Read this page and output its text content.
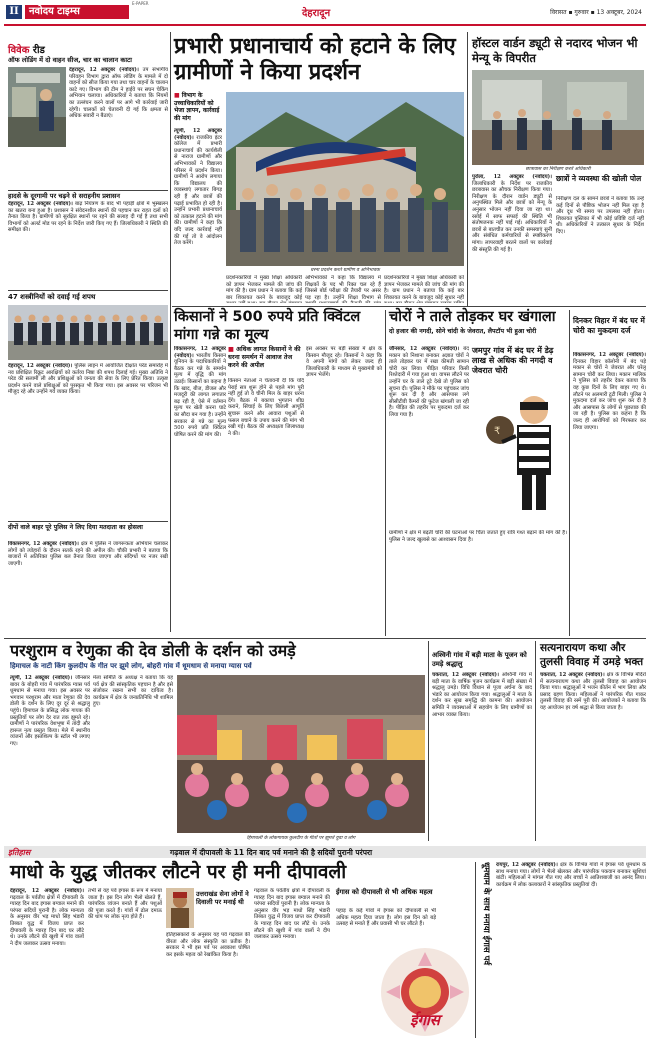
II	नवोदय टाइम्स
E-PAPER
देहरादून	विरासत ▪ गुरुवार ▪ 13 अक्टूबर, 2024
विवेक रीड
ऑफ लोडिंग में दो वाहन सीज, चार का चालान काटा
देहरादून, 12 अक्टूबर (नवोदय)। उप संभागीय परिवहन विभाग द्वारा ऑफ लोडिंग के मामले में दो वाहनों को सीज किया गया तथा चार वाहनों के चालान काटे गए। विभाग की टीम ने हाईवे पर सघन चेकिंग अभियान चलाया। अधिकारियों ने बताया कि नियमों का उल्लंघन करने वालों पर आगे भी कार्रवाई जारी रहेगी। चालकों को चेतावनी दी गई कि क्षमता से अधिक सवारी न बैठाएं।
हादसे के दूरगामी पर चढ़ने से सराहनीय प्रशासन
देहरादून, 12 अक्टूबर (नवोदय)। बाढ़ नियंत्रण के बाद भी पहाड़ी क्षेत्रों में भूस्खलन का खतरा बना हुआ है। प्रशासन ने संवेदनशील स्थानों की पहचान कर राहत दलों को तैनात किया है। ग्रामीणों को सुरक्षित स्थानों पर रहने की सलाह दी गई है तथा सभी विभागों को अलर्ट मोड पर रहने के निर्देश जारी किए गए हैं। जिलाधिकारी ने स्थिति की समीक्षा की।
47 शस्त्रीनियों को दवाई गई शपथ
देहरादून, 12 अक्टूबर (नवोदय)। पुलिस लाइन में आयोजित दीक्षांत परेड समारोह में नव प्रशिक्षित रिक्रूट आरक्षियों को कर्तव्य निष्ठा की शपथ दिलाई गई। मुख्य अतिथि ने परेड की सलामी ली और प्रशिक्षुओं को जनता की सेवा के लिए प्रेरित किया। उत्कृष्ट प्रदर्शन करने वाले प्रशिक्षुओं को पुरस्कृत भी किया गया। इस अवसर पर परिजन भी मौजूद रहे और उन्होंने गर्व व्यक्त किया।
दीपों वाले बाहर पूरे पुलिस ने लिए दिया मतदाता का होसला
विकासनगर, 12 अक्टूबर (नवोदय)। क्षेत्र में पुलिस ने जागरूकता अभियान चलाकर लोगों को त्योहारों के दौरान सतर्क रहने की अपील की। चौकी प्रभारी ने बताया कि बाजारों में अतिरिक्त पुलिस बल तैनात किया जाएगा और संदिग्धों पर नजर रखी जाएगी।
प्रभारी प्रधानाचार्य को हटाने के लिए ग्रामीणों ने किया प्रदर्शन
■ विभाग के उच्चाधिकारियों को भेजा ज्ञापन, कार्रवाई की मांग
त्यूणी, 12 अक्टूबर (नवोदय)। राजकीय इंटर कॉलेज में प्रभारी प्रधानाचार्य की कार्यशैली से नाराज ग्रामीणों और अभिभावकों ने विद्यालय परिसर में प्रदर्शन किया। ग्रामीणों ने आरोप लगाया कि विद्यालय की व्यवस्थाएं लगातार बिगड़ रही हैं और छात्रों की पढ़ाई प्रभावित हो रही है। उन्होंने प्रभारी प्रधानाचार्य को तत्काल हटाने की मांग की। ग्रामीणों ने कहा कि यदि जल्द कार्रवाई नहीं की गई तो वे आंदोलन तेज करेंगे।
धरना प्रदर्शन करते ग्रामीण व अभिभावक
प्रदर्शनकारियों ने मुख्य शिक्षा अधिकारी को ज्ञापन भेजकर मामले की जांच की मांग की है। ग्राम प्रधान ने बताया कि कई बार शिकायत करने के बावजूद कोई
अभिभावकों ने कहा कि विद्यालय में शिक्षकों के पद भी रिक्त चल रहे हैं जिससे बोर्ड परीक्षा की तैयारी पर असर पड़ रहा है। उन्होंने शिक्षा विभाग से
प्रदर्शनकारियों ने मुख्य शिक्षा अधिकारी को ज्ञापन भेजकर मामले की जांच की मांग की है। ग्राम प्रधान ने बताया कि कई बार शिकायत करने के बावजूद कोई सुधार नहीं
हॉस्टल वार्डन ड्यूटी से नदारद भोजन भी मेन्यू के विपरीत
छात्रावास का निरीक्षण करते अधिकारी
पुरोला, 12 अक्टूबर (नवोदय)। जिलाधिकारी के निर्देश पर राजकीय छात्रावास का औचक निरीक्षण किया गया। निरीक्षण के दौरान वार्डन ड्यूटी से अनुपस्थित मिले और छात्रों को मेन्यू के अनुसार भोजन नहीं दिया जा रहा था। रसोई में साफ सफाई की स्थिति भी संतोषजनक नहीं पाई गई। अधिकारियों ने छात्रों से बातचीत कर उनकी समस्याएं सुनीं और संबंधित कर्मचारियों से स्पष्टीकरण मांगा। लापरवाही बरतने वालों पर कार्रवाई की संस्तुति की गई है।
छात्रों ने व्यवस्था की खोली पोल
निरीक्षण दल के सामने छात्रों ने बताया कि उन्हें कई दिनों से पौष्टिक भोजन नहीं मिल रहा है और दूध भी समय पर उपलब्ध नहीं होता। शिकायत पुस्तिका में भी कोई प्रविष्टि दर्ज नहीं थी। अधिकारियों ने तत्काल सुधार के निर्देश दिए।
किसानों ने 500 रुपये प्रति क्विंटल मांगा गन्ने का मूल्य
■ अधिक लागत किसानों ने की धरना समर्थन में आवाज तेज करने की अपील
विकासनगर, 12 अक्टूबर (नवोदय)। भारतीय किसान यूनियन के पदाधिकारियों ने बैठक कर गन्ने के समर्थन मूल्य में वृद्धि की मांग उठाई। किसानों का कहना है कि खाद, बीज, डीजल और मजदूरी की लागत लगातार बढ़ रही है, ऐसे में वर्तमान मूल्य पर खेती करना घाटे का सौदा बन गया है। उन्होंने सरकार से गन्ने का मूल्य 500 रुपये प्रति क्विंटल घोषित करने की मांग की।
किसान नेताओं ने चेतावनी दी कि यदि पेराई सत्र शुरू होने से पहले मांग पूरी नहीं हुई तो वे चीनी मिल के बाहर धरना देंगे। बैठक में बकाया भुगतान शीघ्र कराने, सिंचाई के लिए बिजली आपूर्ति सुचारू करने और आवारा पशुओं से फसल बचाने के उपाय करने की मांग भी रखी गई। बैठक की अध्यक्षता जिलाध्यक्ष ने की।
इस अवसर पर बड़ी संख्या में क्षेत्र के किसान मौजूद रहे। किसानों ने कहा कि वे अपनी मांगों को लेकर जल्द ही जिलाधिकारी के माध्यम से मुख्यमंत्री को ज्ञापन भेजेंगे।
चोरों ने ताले तोड़कर घर खंगाला
दो हजार की नगदी, सोने चांदी के जेवरात, लैपटॉप भी हुआ चोरी
जौनसार, 12 अक्टूबर (नवोदय)। बंद मकान को निशाना बनाकर अज्ञात चोरों ने ताले तोड़कर घर में रखा कीमती सामान चोरी कर लिया। पीड़ित परिवार किसी रिश्तेदारी में गया हुआ था। वापस लौटने पर उन्होंने घर के ताले टूटे देखे तो पुलिस को सूचना दी। पुलिस ने मौके पर पहुंचकर जांच शुरू कर दी है और आसपास लगे सीसीटीवी कैमरों की फुटेज खंगाली जा रही है। पीड़ित की तहरीर पर मुकदमा दर्ज कर लिया गया है।
₹
ग्रामीणों ने क्षेत्र में बढ़ती चोरी की घटनाओं पर चिंता जताते हुए रात्रि गश्त बढ़ाने की मांग की है। पुलिस ने जल्द खुलासे का आश्वासन दिया है।
जमपुर गांव में बंद घर में डेढ़ लाख से अधिक की नगदी व जेवरात चोरी
दिनकर विहार में बंद घर में चोरी का मुकदमा दर्ज
विकासनगर, 12 अक्टूबर (नवोदय)। दिनकर विहार कॉलोनी में बंद पड़े मकान से चोरों ने जेवरात और घरेलू सामान चोरी कर लिया। मकान मालिक ने पुलिस को तहरीर देकर बताया कि वह कुछ दिनों के लिए बाहर गए थे। लौटने पर अलमारी टूटी मिली। पुलिस ने मुकदमा दर्ज कर जांच शुरू कर दी है और आसपास के लोगों से पूछताछ की जा रही है। पुलिस का कहना है कि जल्द ही आरोपियों को गिरफ्तार कर लिया जाएगा।
परशुराम व रेणुका की देव डोली के दर्शन को उमड़े
हिमाचल के नाटी किंग कुलदीप के गीत पर झूमे लोग, बोहरी गांव में धूमधाम से मनाया ग्यास पर्व
त्यूणी, 12 अक्टूबर (नवोदय)। जौनसार बावर के बोहरी गांव में पारंपरिक ग्यास पर्व धूमधाम से मनाया गया। इस अवसर पर भगवान परशुराम और माता रेणुका की देव डोली के दर्शन के लिए दूर दूर से श्रद्धालु पहुंचे। हिमाचल के प्रसिद्ध लोक गायक की प्रस्तुतियों पर लोग देर रात तक झूमते रहे। ग्रामीणों ने पारंपरिक वेशभूषा में तांदी और हारूल नृत्य प्रस्तुत किया। मेले में स्थानीय व्यंजनों और हस्तशिल्प के स्टॉल भी लगाए गए।
मेला समिति के अध्यक्ष ने बताया कि यह पर्व क्षेत्र की सांस्कृतिक पहचान है और इसे संजोकर रखना सभी का दायित्व है। कार्यक्रम में क्षेत्र के जनप्रतिनिधि भी शामिल हुए।
हिमाचली के लोकगायक कुलदीप के गीतों पर झूमते युवा व लोग
अश्विनी गांव में बड़ी माता के पूजन को उमड़े श्रद्धालु
चकराता, 12 अक्टूबर (नवोदय)। अश्विनी गांव में बड़ी माता के वार्षिक पूजन कार्यक्रम में बड़ी संख्या में श्रद्धालु उमड़े। विधि विधान से पूजा अर्चना के बाद भंडारे का आयोजन किया गया। श्रद्धालुओं ने माता के दर्शन कर सुख समृद्धि की कामना की। आयोजन समिति ने व्यवस्थाओं में सहयोग के लिए ग्रामीणों का आभार व्यक्त किया।
सत्यनारायण कथा और तुलसी विवाह में उमड़े भक्त
चकराता, 12 अक्टूबर (नवोदय)। क्षेत्र के विभिन्न मंदिरों में सत्यनारायण कथा और तुलसी विवाह का आयोजन किया गया। श्रद्धालुओं ने भजन कीर्तन में भाग लिया और प्रसाद ग्रहण किया। महिलाओं ने पारंपरिक गीत गाकर तुलसी विवाह की रस्में पूरी कीं। आयोजकों ने बताया कि यह आयोजन हर वर्ष श्रद्धा से किया जाता है।
इतिहास	गढ़वाल में दीपावली के 11 दिन बाद पर्व मनाने की है सदियों पुरानी परंपरा
माधो के युद्ध जीतकर लौटने पर ही मनी दीपावली
देहरादून, 12 अक्टूबर (नवोदय)। गढ़वाल के पर्वतीय क्षेत्रों में दीपावली के ग्यारह दिन बाद इगास बग्वाल मनाने की परंपरा सदियों पुरानी है। लोक मान्यता के अनुसार वीर भड़ माधो सिंह भंडारी तिब्बत युद्ध में विजय प्राप्त कर दीपावली के ग्यारह दिन बाद घर लौटे थे। उनके लौटने की खुशी में गांव वालों ने दीप जलाकर उत्सव मनाया।
तभी से यह पर्व इगास के रूप में मनाया जाता है। इस दिन लोग भैलो खेलते हैं, पारंपरिक व्यंजन बनाते हैं और पशुओं की पूजा करते हैं। गांवों में ढोल दमाऊ की थाप पर लोक नृत्य होते हैं।
उत्तराखंड सेना लोगों ने दिवाली पर मनाई थी
इतिहासकारों के अनुसार यह पर्व गढ़वाल की वीरता और लोक संस्कृति का प्रतीक है। सरकार ने भी इस पर्व पर अवकाश घोषित कर इसके महत्व को रेखांकित किया है।
गढ़वाल के पर्वतीय क्षेत्रों में दीपावली के ग्यारह दिन बाद इगास बग्वाल मनाने की परंपरा सदियों पुरानी है। लोक मान्यता के अनुसार वीर भड़ माधो सिंह भंडारी तिब्बत युद्ध में विजय प्राप्त कर दीपावली के ग्यारह दिन बाद घर लौटे थे। उनके लौटने की खुशी में गांव वालों ने दीप जलाकर उत्सव मनाया।
ईगास को दीपावली से भी अधिक महत्व
पहाड़ के कई गांवों में ईगास को दीपावली से भी अधिक महत्व दिया जाता है। लोग इस दिन को बड़े उत्साह से मनाते हैं और प्रवासी भी घर लौटते हैं।
ईगास
धूमधाम के साथ मनाया ईगास पर्व रायपुर, 12 अक्टूबर (नवोदय)। क्षेत्र के विभिन्न गांवों में ईगास पर्व धूमधाम के साथ मनाया गया। लोगों ने भैलो खेलकर और पारंपरिक पकवान बनाकर खुशियां बांटीं। महिलाओं ने मांगल गीत गाए और बच्चों ने आतिशबाजी का आनंद लिया। कार्यक्रम में लोक कलाकारों ने सांस्कृतिक प्रस्तुतियां दीं।
